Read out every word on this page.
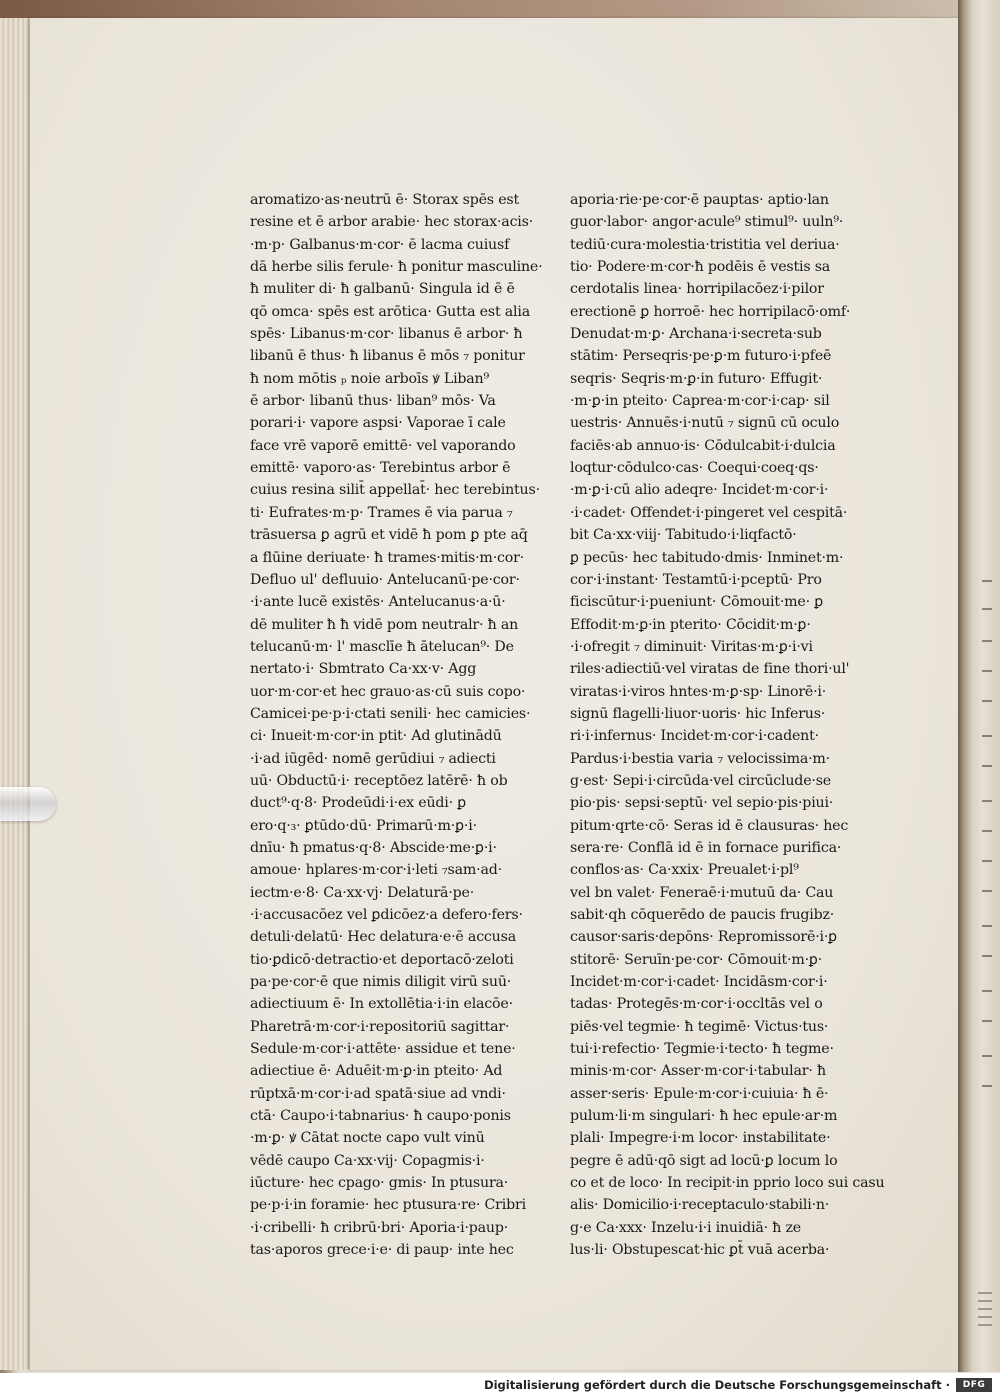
aromatizo·as·neutrū ē· Storax spēs est
resine et ē arbor arabie· hec storax·acis·
·m·p· Galbanus·m·cor· ē lacma cuiusf
dā herbe silis ferule· ħ ponitur masculine·
ħ muliter di· ħ galbanū· Singula id ē ē
qō omca· spēs est arōtica· Gutta est alia
spēs· Libanus·m·cor· libanus ē arbor· ħ
libanū ē thus· ħ libanus ē mōs ₇ ponitur
ħ nom mōtis ₚ noie arboīs ꝟ Liban⁹
ē arbor· libanū thus· liban⁹ mōs· Va
porari·i· vapore aspsi· Vaporae ī cale
face vrē vaporē emittē· vel vaporando
emittē· vaporo·as· Terebintus arbor ē
cuius resina silit̄ appellat̄· hec terebintus·
ti· Eufrates·m·p· Trames ē via parua ₇
trāsuersa ꝑ agrū et vidē ħ pom ꝑ pte aq̄
a flūine deriuate· ħ trames·mitis·m·cor·
Defluo ul' defluuio· Antelucanū·pe·cor·
·i·ante lucē existēs· Antelucanus·a·ū·
dē muliter ħ ħ vidē pom neutralr· ħ an
telucanū·m· l' masclīe ħ āteluca​n⁹· De
nertato·i· Sbmtrato Ca·xx·v· Agg
uor·m·cor·et hec grauo·as·cū suis copo·
Camicei·pe·p·i·ctati senili· hec camicies·
ci· Inueit·m·cor·in ptit· Ad glutinādū
·i·ad iūgēd· nomē gerūdiui ₇ adiecti
uū· Obductū·i· receptōez latērē· ħ ob
duct⁹·q·8· Prodeūdi·i·ex eūdi· ꝑ
ero·q·₃· ꝑtūdo·dū· Primarū·m·ꝑ·i·
dnīu· ħ pmatus·q·8· Abscide·me·ꝑ·i·
amoue· hplares·m·cor·i·leti ₇sam·ad·
iectm·e·8· Ca·xx·vj· Delaturā·pe·
·i·accusacōez vel ꝑdicōez·a defero·fers·
detuli·delatū· Hec delatura·e·ē accusa
tio·ꝑdicō·detractio·et deportacō·zeloti
pa·pe·cor·ē que nimis diligit virū suū·
adiectiuum ē· In extollētia·i·in elacōe·
Pharetrā·m·cor·i·repositoriū sagittar·
Sedule·m·cor·i·attēte· assidue et tene·
adiectiue ē· Aduēit·m·ꝑ·in pteito· Ad
rūptxā·m·cor·i·ad spatā·siue ad vndi·
ctā· Caupo·i·tabnarius· ħ caupo·ponis
·m·ꝑ· ꝟ Cātat nocte capo vult vinū
vēdē caupo Ca·xx·vij· Copagmis·i·
iūcture· hec cpago· gmis· In ptusura·
pe·p·i·in foramie· hec ptusura·re· Cribri
·i·cribelli· ħ cribrū·bri· Aporia·i·paup·
tas·aporos grece·i·e· di paup· inte hec
aporia·rie·pe·cor·ē pauptas· aptio·lan
guor·labor· angor·acule⁹ stimul⁹· uuln⁹·
tediū·cura·molestia·tristitia vel deriua·
tio· Podere·m·cor·ħ podēis ē vestis sa
cerdotalis linea· horripilacōez·i·pilor
erectionē ꝑ horroē· hec horripilacō·omf·
Denudat·m·ꝑ· Archana·i·secreta·sub
stātim· Perseqris·pe·ꝑ·m futuro·i·pfeē
seqris· Seqris·m·ꝑ·in futuro· Effugit·
·m·ꝑ·in pteito· Caprea·m·cor·i·cap· sil
uestris· Annuēs·i·nutū ₇ signū cū oculo
faciēs·ab annuo·is· Cōdulcabit·i·dulcia
loqtur·cōdulco·cas· Coequi·coeq·qs·
·m·ꝑ·i·cū alio adeqre· Incidet·m·cor·i·
·i·cadet· Offendet·i·pingeret vel cespitā·
bit Ca·xx·viij· Tabitudo·i·liqfactō·
ꝑ pecūs· hec tabitudo·dmis· Inminet·m·
cor·i·instant· Testamtū·i·pceptū· Pro
ficiscūtur·i·pueniunt· Cōmouit·me· ꝑ
Effodit·m·ꝑ·in pterito· Cōcidit·m·ꝑ·
·i·ofregit ₇ diminuit· Viritas·m·ꝑ·i·vi
riles·adiectiū·vel viratas de fine thori·ul'
viratas·i·viros hntes·m·ꝑ·sp· Linorē·i·
signū flagelli·liuor·uoris· hic Inferus·
ri·i·infernus· Incidet·m·cor·i·cadent·
Pardus·i·bestia varia ₇ velocissima·m·
g·est· Sepi·i·circūda·vel circūclude·se
pio·pis· sepsi·septū· vel sepio·pis·piui·
pitum·qrte·cō· Seras id ē clausuras· hec
sera·re· Conflā id ē in fornace purifica·
conflos·as· Ca·xxix· Preualet·i·pl⁹
vel bn valet· Feneraē·i·mutuū da· Cau
sabit·qh cōquerēdo de paucis frugibz·
causor·saris·depōns· Repromissorē·i·ꝑ
stitorē· Seruīn·pe·cor· Cōmouit·m·ꝑ·
Incidet·m·cor·i·cadet· Incidāsm·cor·i·
tadas· Protegēs·m·cor·i·occltās vel o
piēs·vel tegmie· ħ tegimē· Victus·tus·
tui·i·refectio· Tegmie·i·tecto· ħ tegme·
minis·m·cor· Asser·m·cor·i·tabular· ħ
asser·seris· Epule·m·cor·i·cuiuia· ħ ē·
pulum·li·m singulari· ħ hec epule·ar·m
plali· Impegre·i·m locor· instabilitate·
pegre ē adū·qō sigt ad locū·ꝑ locum lo
co et de loco· In recipit·in pprio loco sui casu
alis· Domicilio·i·receptaculo·stabili·n·
g·e Ca·xxx· Inzelu·i·i inuidiā· ħ ze
lus·li· Obstupescat·hic ꝑt̄ vuā acerba·
Digitalisierung gefördert durch die Deutsche Forschungsgemeinschaft ·	DFG
